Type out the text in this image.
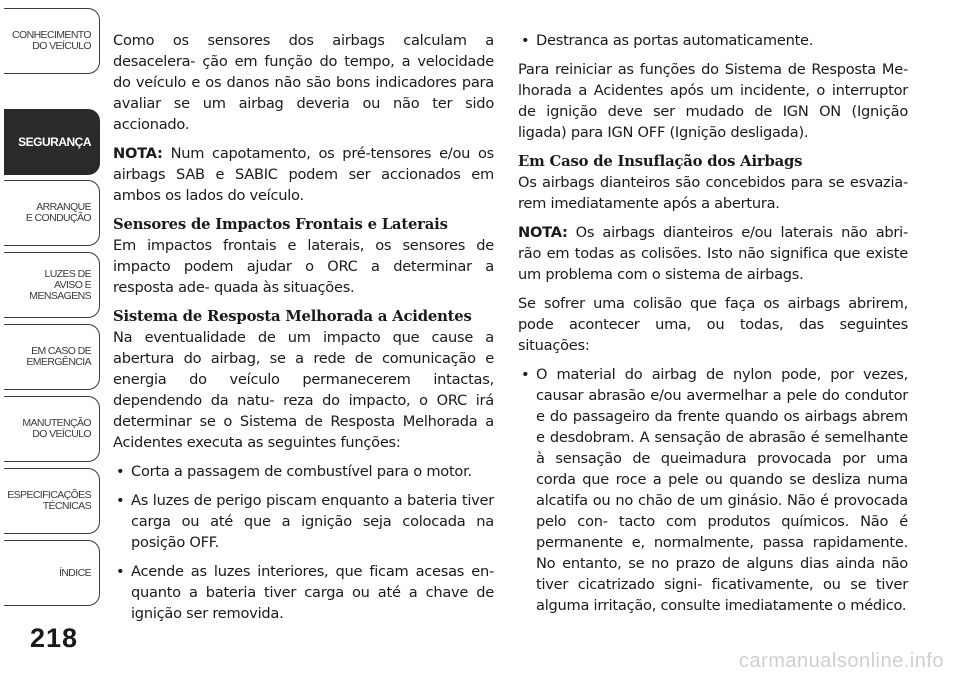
CONHECIMENTO
DO VEÍCULO
SEGURANÇA
ARRANQUE
E CONDUÇÃO
LUZES DE
AVISO E
MENSAGENS
EM CASO DE
EMERGÊNCIA
MANUTENÇÃO
DO VEÍCULO
ESPECIFICAÇÕES
TÉCNICAS
ÍNDICE
218

Como os sensores dos airbags calculam a desacelera- ção em função do tempo, a velocidade do veículo e os danos não são bons indicadores para avaliar se um airbag deveria ou não ter sido accionado.

NOTA: Num capotamento, os pré-tensores e/ou os airbags SAB e SABIC podem ser accionados em ambos os lados do veículo.

Sensores de Impactos Frontais e Laterais

Em impactos frontais e laterais, os sensores de impacto podem ajudar o ORC a determinar a resposta ade- quada às situações.

Sistema de Resposta Melhorada a Acidentes

Na eventualidade de um impacto que cause a abertura do airbag, se a rede de comunicação e energia do veículo permanecerem intactas, dependendo da natu- reza do impacto, o ORC irá determinar se o Sistema de Resposta Melhorada a Acidentes executa as seguintes funções:

• Corta a passagem de combustível para o motor.
• As luzes de perigo piscam enquanto a bateria tiver carga ou até que a ignição seja colocada na posição OFF.
• Acende as luzes interiores, que ficam acesas en- quanto a bateria tiver carga ou até a chave de ignição ser removida.
• Destranca as portas automaticamente.

Para reiniciar as funções do Sistema de Resposta Me- lhorada a Acidentes após um incidente, o interruptor de ignição deve ser mudado de IGN ON (Ignição ligada) para IGN OFF (Ignição desligada).

Em Caso de Insuflação dos Airbags

Os airbags dianteiros são concebidos para se esvazia- rem imediatamente após a abertura.

NOTA: Os airbags dianteiros e/ou laterais não abri- rão em todas as colisões. Isto não significa que existe um problema com o sistema de airbags.

Se sofrer uma colisão que faça os airbags abrirem, pode acontecer uma, ou todas, das seguintes situações:

• O material do airbag de nylon pode, por vezes, causar abrasão e/ou avermelhar a pele do condutor e do passageiro da frente quando os airbags abrem e desdobram. A sensação de abrasão é semelhante à sensação de queimadura provocada por uma corda que roce a pele ou quando se desliza numa alcatifa ou no chão de um ginásio. Não é provocada pelo con- tacto com produtos químicos. Não é permanente e, normalmente, passa rapidamente. No entanto, se no prazo de alguns dias ainda não tiver cicatrizado signi- ficativamente, ou se tiver alguma irritação, consulte imediatamente o médico.
carmanualsonline.info
